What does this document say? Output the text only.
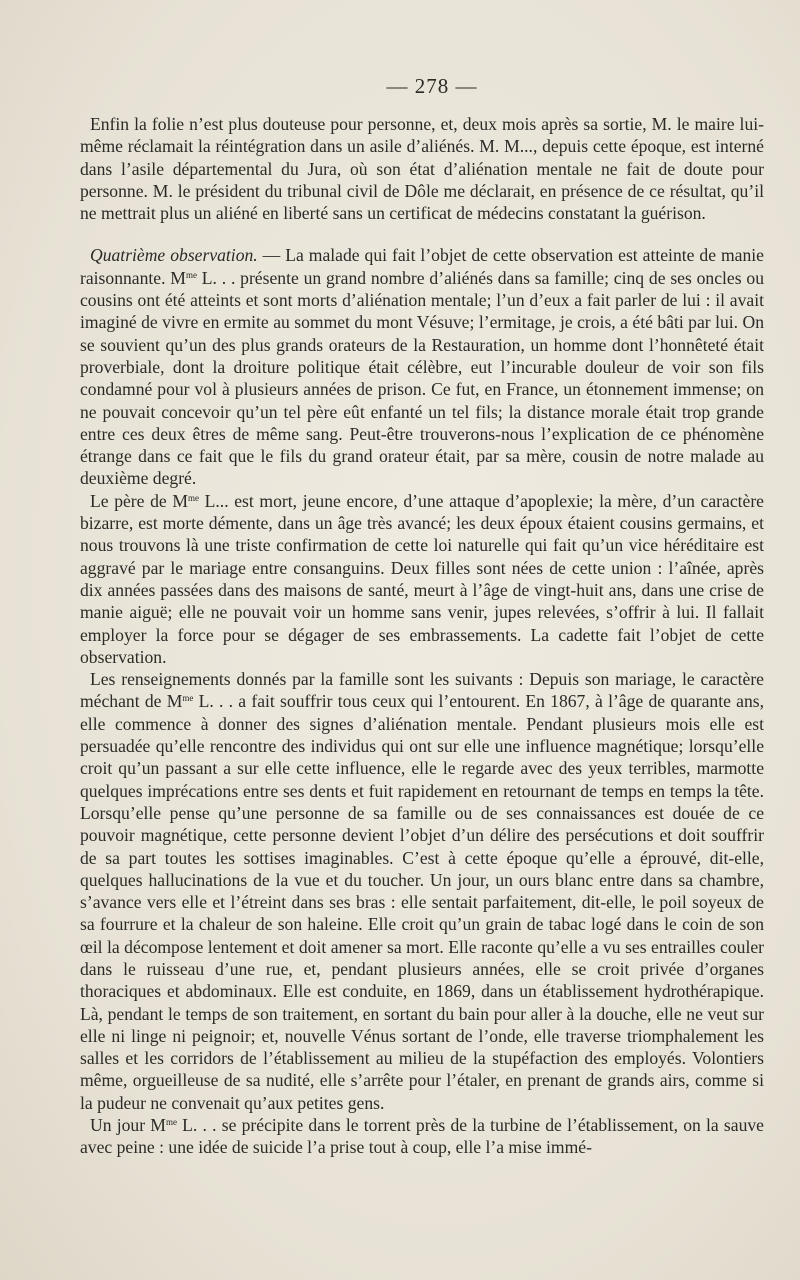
— 278 —

Enfin la folie n’est plus douteuse pour personne, et, deux mois après sa sortie, M. le maire lui-même réclamait la réintégration dans un asile d’aliénés. M. M..., depuis cette époque, est interné dans l’asile départemental du Jura, où son état d’aliénation mentale ne fait de doute pour personne. M. le président du tribunal civil de Dôle me déclarait, en présence de ce résultat, qu’il ne mettrait plus un aliéné en liberté sans un certificat de médecins constatant la guérison.

Quatrième observation. — La malade qui fait l’objet de cette observation est atteinte de manie raisonnante. $M^{me}$ L. . . présente un grand nombre d’aliénés dans sa famille; cinq de ses oncles ou cousins ont été atteints et sont morts d’aliénation mentale; l’un d’eux a fait parler de lui : il avait imaginé de vivre en ermite au sommet du mont Vésuve; l’ermitage, je crois, a été bâti par lui. On se souvient qu’un des plus grands orateurs de la Restauration, un homme dont l’honnêteté était proverbiale, dont la droiture politique était célèbre, eut l’incurable douleur de voir son fils condamné pour vol à plusieurs années de prison. Ce fut, en France, un étonnement immense; on ne pouvait concevoir qu’un tel père eût enfanté un tel fils; la distance morale était trop grande entre ces deux êtres de même sang. Peut-être trouverons-nous l’explication de ce phénomène étrange dans ce fait que le fils du grand orateur était, par sa mère, cousin de notre malade au deuxième degré.

Le père de $M^{me}$ L... est mort, jeune encore, d’une attaque d’apoplexie; la mère, d’un caractère bizarre, est morte démente, dans un âge très avancé; les deux époux étaient cousins germains, et nous trouvons là une triste confirmation de cette loi naturelle qui fait qu’un vice héréditaire est aggravé par le mariage entre consanguins. Deux filles sont nées de cette union : l’aînée, après dix années passées dans des maisons de santé, meurt à l’âge de vingt-huit ans, dans une crise de manie aiguë; elle ne pouvait voir un homme sans venir, jupes relevées, s’offrir à lui. Il fallait employer la force pour se dégager de ses embrassements. La cadette fait l’objet de cette observation.

Les renseignements donnés par la famille sont les suivants : Depuis son mariage, le caractère méchant de $M^{me}$ L. . . a fait souffrir tous ceux qui l’entourent. En 1867, à l’âge de quarante ans, elle commence à donner des signes d’aliénation mentale. Pendant plusieurs mois elle est persuadée qu’elle rencontre des individus qui ont sur elle une influence magnétique; lorsqu’elle croit qu’un passant a sur elle cette influence, elle le regarde avec des yeux terribles, marmotte quelques imprécations entre ses dents et fuit rapidement en retournant de temps en temps la tête. Lorsqu’elle pense qu’une personne de sa famille ou de ses connaissances est douée de ce pouvoir magnétique, cette personne devient l’objet d’un délire des persécutions et doit souffrir de sa part toutes les sottises imaginables. C’est à cette époque qu’elle a éprouvé, dit-elle, quelques hallucinations de la vue et du toucher. Un jour, un ours blanc entre dans sa chambre, s’avance vers elle et l’étreint dans ses bras : elle sentait parfaitement, dit-elle, le poil soyeux de sa fourrure et la chaleur de son haleine. Elle croit qu’un grain de tabac logé dans le coin de son œil la décompose lentement et doit amener sa mort. Elle raconte qu’elle a vu ses entrailles couler dans le ruisseau d’une rue, et, pendant plusieurs années, elle se croit privée d’organes thoraciques et abdominaux. Elle est conduite, en 1869, dans un établissement hydrothérapique. Là, pendant le temps de son traitement, en sortant du bain pour aller à la douche, elle ne veut sur elle ni linge ni peignoir; et, nouvelle Vénus sortant de l’onde, elle traverse triomphalement les salles et les corridors de l’établissement au milieu de la stupéfaction des employés. Volontiers même, orgueilleuse de sa nudité, elle s’arrête pour l’étaler, en prenant de grands airs, comme si la pudeur ne convenait qu’aux petites gens.

Un jour $M^{me}$ L. . . se précipite dans le torrent près de la turbine de l’établissement, on la sauve avec peine : une idée de suicide l’a prise tout à coup, elle l’a mise immé-
